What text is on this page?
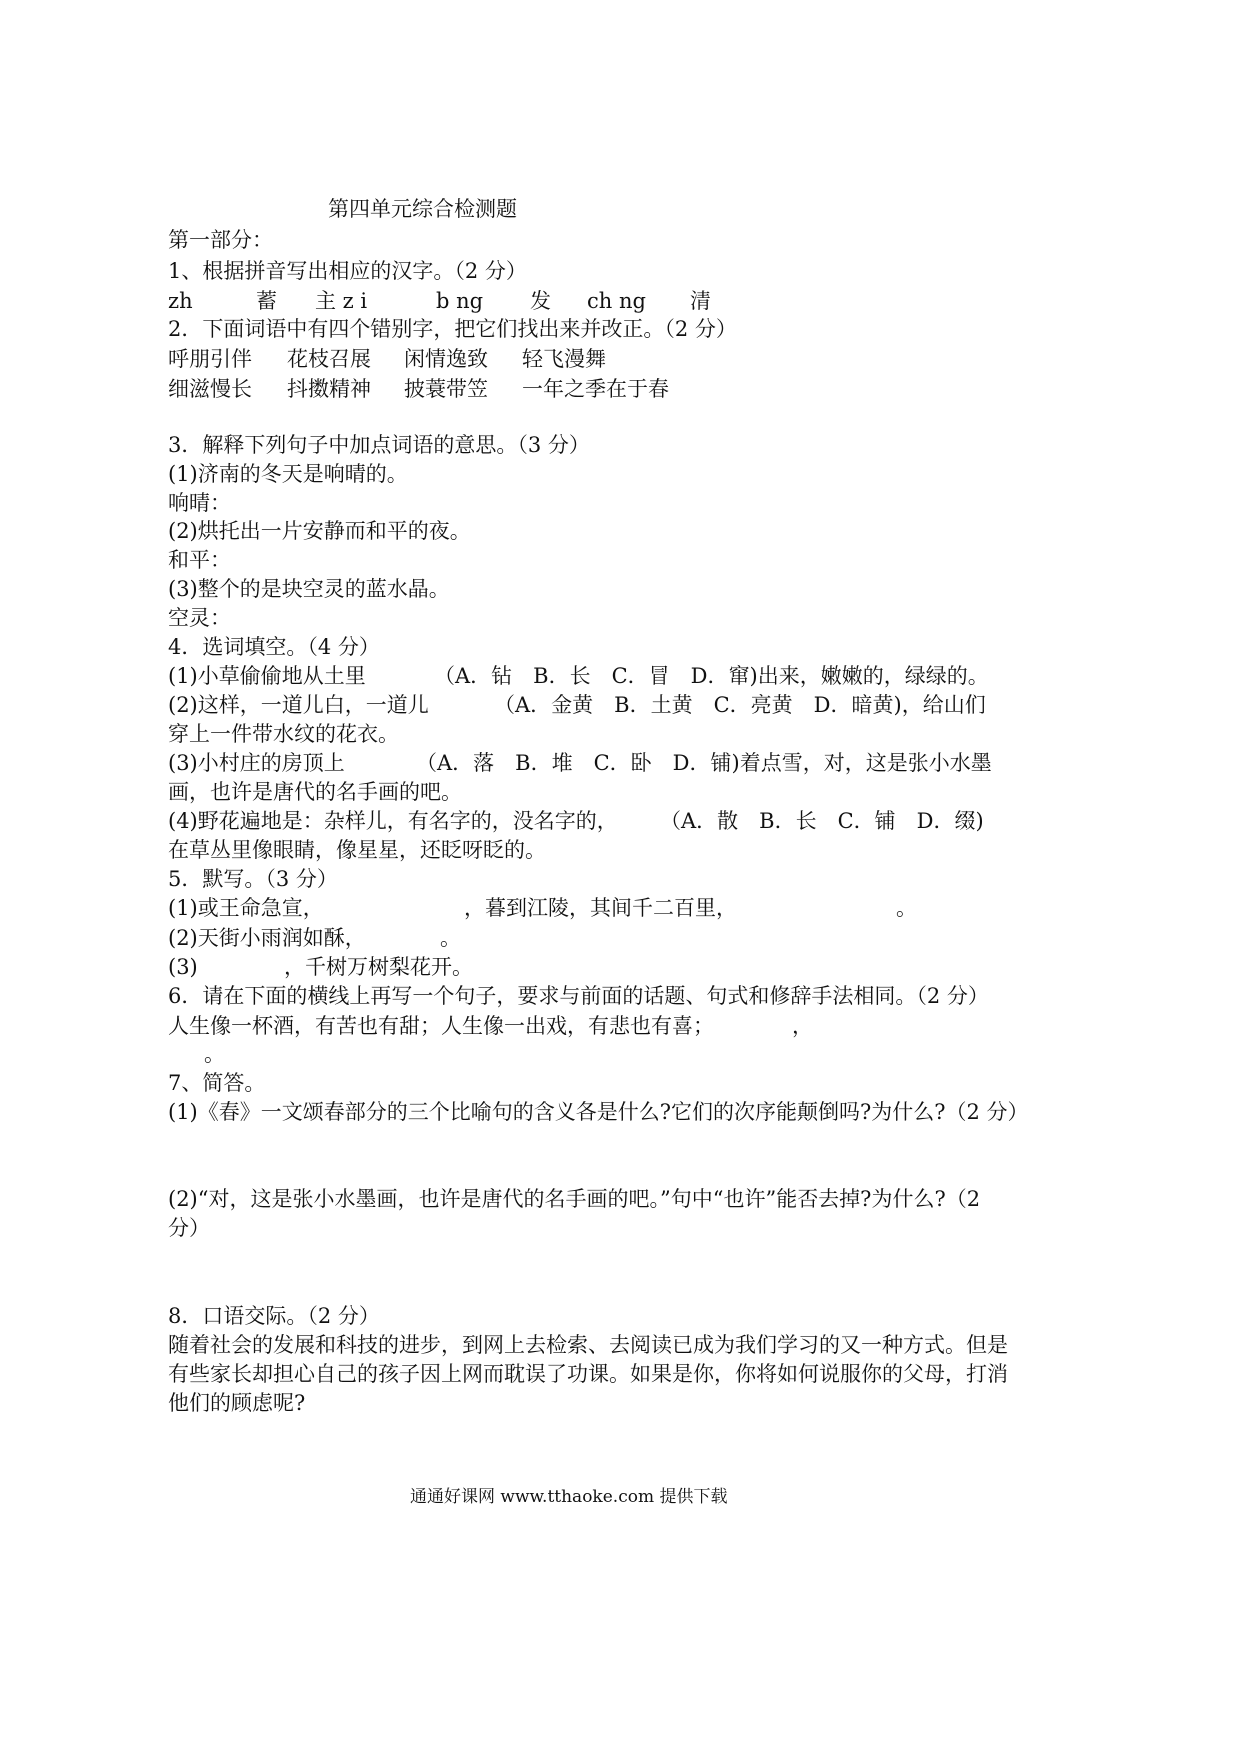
第四单元综合检测题
第一部分：
1、根据拼音写出相应的汉字。（2 分）
zh	蓄 主 z i	b ng 发 ch ng 清
2．下面词语中有四个错别字，把它们找出来并改正。（2 分）
呼朋引伴 花枝召展 闲情逸致 轻飞漫舞
细滋慢长 抖擞精神 披蓑带笠 一年之季在于春
3．解释下列句子中加点词语的意思。（3 分）
(1)济南的冬天是响晴的。
响晴：
(2)烘托出一片安静而和平的夜。
和平：
(3)整个的是块空灵的蓝水晶。
空灵：
4．选词填空。（4 分）
(1)小草偷偷地从土里	（A．钻　B．长　C．冒　D．窜)出来，嫩嫩的，绿绿的。
(2)这样，一道儿白，一道儿	（A．金黄　B．土黄　C．亮黄　D．暗黄)，给山们
穿上一件带水纹的花衣。
(3)小村庄的房顶上	（A．落　B．堆　C．卧　D．铺)着点雪，对，这是张小水墨
画，也许是唐代的名手画的吧。
(4)野花遍地是：杂样儿，有名字的，没名字的， （A．散　B．长　C．铺　D．缀)
在草丛里像眼睛，像星星，还眨呀眨的。
5．默写。（3 分）
(1)或王命急宣，	，暮到江陵，其间千二百里，	。
(2)天街小雨润如酥，	。
(3)	，千树万树梨花开。
6．请在下面的横线上再写一个句子，要求与前面的话题、句式和修辞手法相同。（2 分）
人生像一杯酒，有苦也有甜；人生像一出戏，有悲也有喜；	，
。
7、简答。
(1)《春》一文颂春部分的三个比喻句的含义各是什么?它们的次序能颠倒吗?为什么?（2 分）
(2)“对，这是张小水墨画，也许是唐代的名手画的吧。”句中“也许”能否去掉?为什么?（2
分）
8．口语交际。（2 分）
随着社会的发展和科技的进步，到网上去检索、去阅读已成为我们学习的又一种方式。但是
有些家长却担心自己的孩子因上网而耽误了功课。如果是你，你将如何说服你的父母，打消
他们的顾虑呢?
通通好课网 www.tthaoke.com 提供下载
